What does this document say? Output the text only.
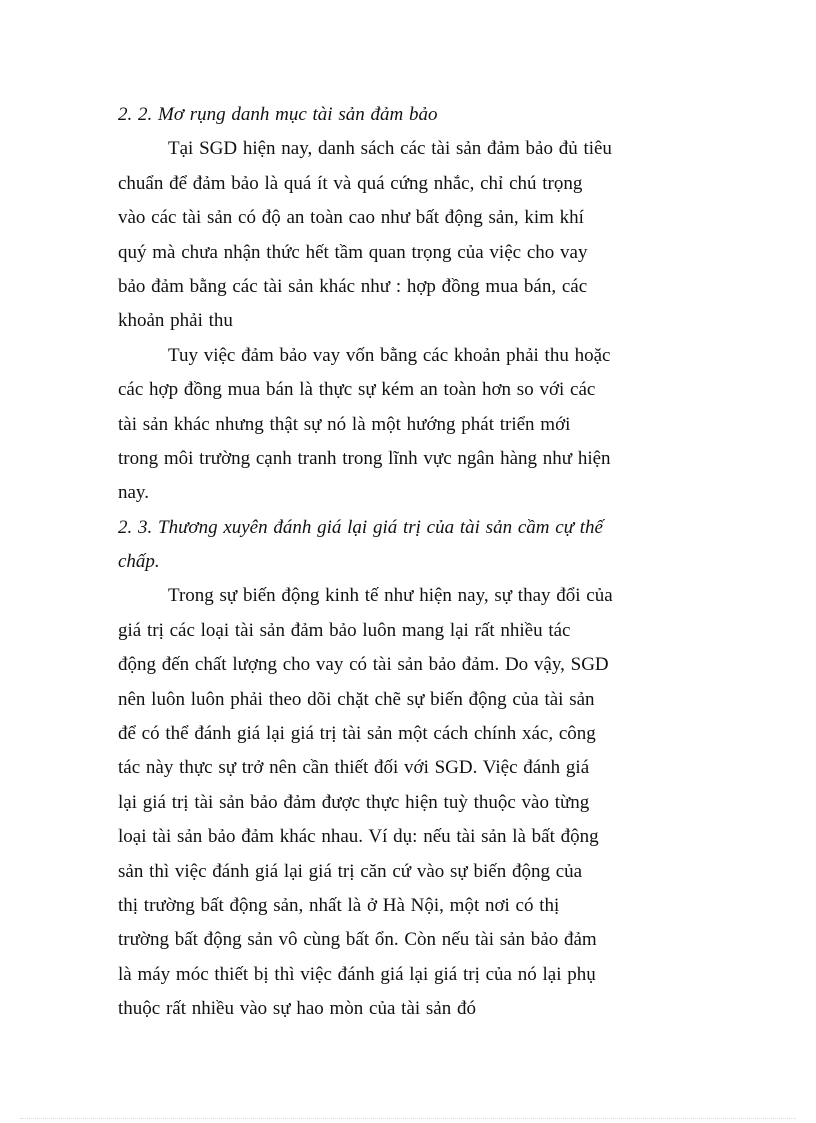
2. 2. Mơ rụng danh mục tài sản đảm bảo
Tại SGD hiện nay, danh sách các tài sản đảm bảo đủ tiêu
chuẩn để đảm bảo là quá ít và quá cứng nhắc, chỉ chú trọng
vào các tài sản có độ an toàn cao như bất động sản, kim khí
quý mà chưa nhận thức hết tầm quan trọng của việc cho vay
bảo đảm bằng các tài sản khác như : hợp đồng mua bán, các
khoản phải thu
Tuy việc đảm bảo vay vốn bằng các khoản phải thu hoặc
các hợp đồng mua bán là thực sự kém an toàn hơn so với các
tài sản khác nhưng thật sự nó là một hướng phát triển mới
trong môi trường cạnh tranh trong lĩnh vực ngân hàng như hiện
nay.
2. 3. Thương xuyên đánh giá lại giá trị của tài sản cầm cự thế
chấp.
Trong sự biến động kinh tế như hiện nay, sự thay đổi của
giá trị các loại tài sản đảm bảo luôn mang lại rất nhiều tác
động đến chất lượng cho vay có tài sản bảo đảm. Do vậy, SGD
nên luôn luôn phải theo dõi chặt chẽ sự biến động của tài sản
để có thể đánh giá lại giá trị tài sản một cách chính xác, công
tác này thực sự trở nên cần thiết đối với SGD. Việc đánh giá
lại giá trị tài sản bảo đảm được thực hiện tuỳ thuộc vào từng
loại tài sản bảo đảm khác nhau. Ví dụ: nếu tài sản là bất động
sản thì việc đánh giá lại giá trị căn cứ vào sự biến động của
thị trường bất động sản, nhất là ở Hà Nội, một nơi có thị
trường bất động sản vô cùng bất ổn. Còn nếu tài sản bảo đảm
là máy móc thiết bị thì việc đánh giá lại giá trị của nó lại phụ
thuộc rất nhiều vào sự hao mòn của tài sản đó
